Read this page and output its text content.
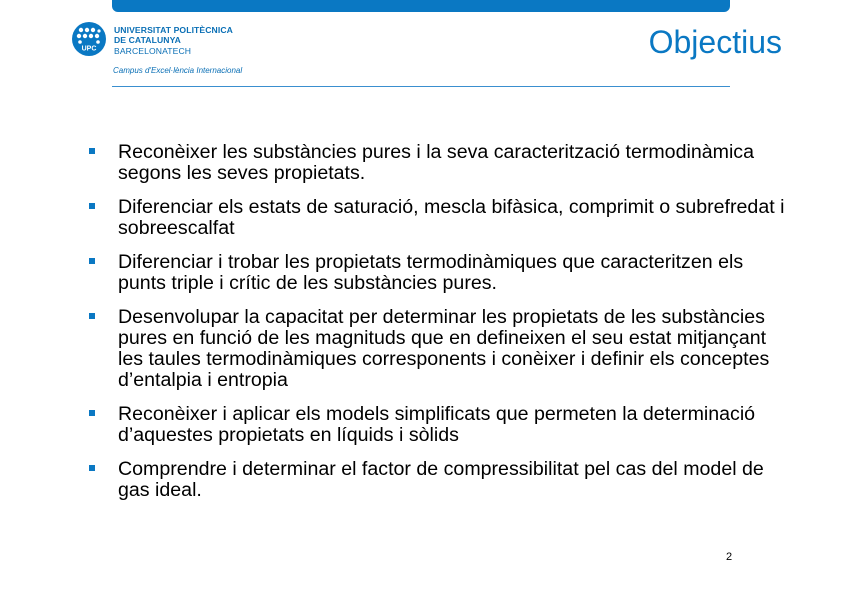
UPC
UNIVERSITAT POLITÈCNICA
DE CATALUNYA
BARCELONATECH
Campus d'Excel·lència Internacional
Objectius
Reconèixer les substàncies pures i la seva caracterització termodinàmica segons les seves propietats.
Diferenciar els estats de saturació, mescla bifàsica, comprimit o subrefredat i sobreescalfat
Diferenciar i trobar les propietats termodinàmiques que caracteritzen els punts triple i crític de les substàncies pures.
Desenvolupar la capacitat per determinar les propietats de les substàncies pures en funció de les magnituds que en defineixen el seu estat mitjançant les taules termodinàmiques corresponents i conèixer i definir els conceptes d’entalpia i entropia
Reconèixer i aplicar els models simplificats que permeten la determinació d’aquestes propietats en líquids i sòlids
Comprendre i determinar el factor de compressibilitat pel cas del model de gas ideal.
2
